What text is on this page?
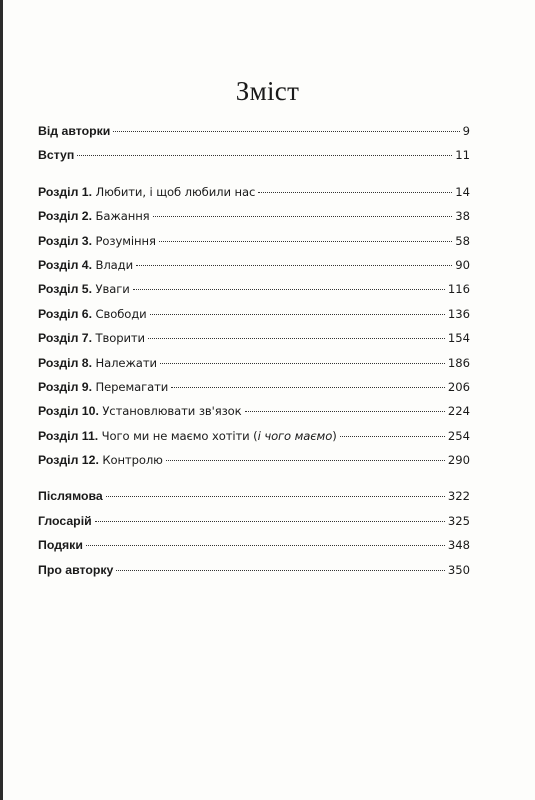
Зміст
Від авторки	9
Вступ	11
Розділ 1. Любити, і щоб любили нас	14
Розділ 2. Бажання	38
Розділ 3. Розуміння	58
Розділ 4. Влади	90
Розділ 5. Уваги	116
Розділ 6. Свободи	136
Розділ 7. Творити	154
Розділ 8. Належати	186
Розділ 9. Перемагати	206
Розділ 10. Установлювати зв'язок	224
Розділ 11. Чого ми не маємо хотіти (і чого маємо)	254
Розділ 12. Контролю	290
Післямова	322
Глосарій	325
Подяки	348
Про авторку	350
